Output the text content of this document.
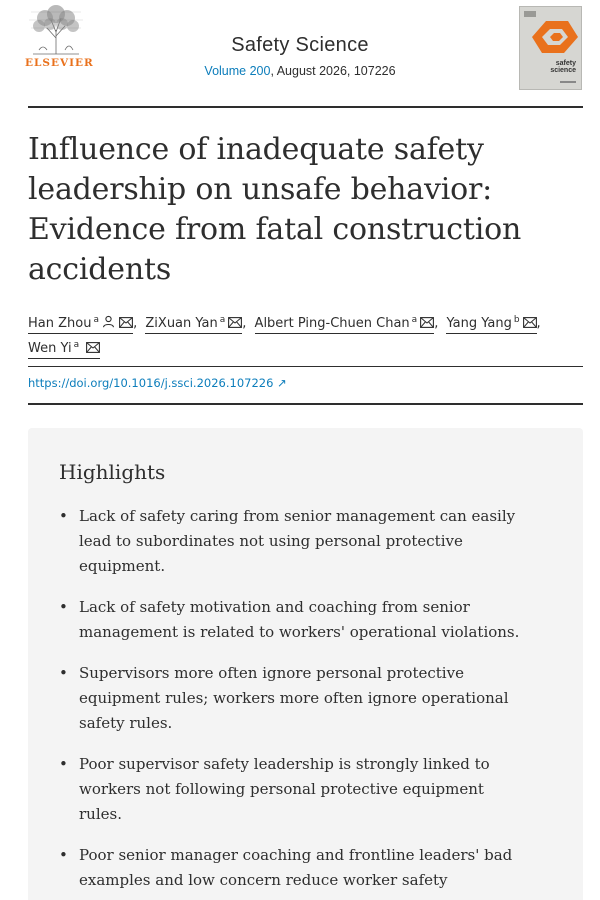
ELSEVIER
Safety Science
Volume 200, August 2026, 107226
safety
science
Influence of inadequate safety leadership on unsafe behavior: Evidence from fatal construction accidents
Han Zhou $^a$	, ZiXuan Yan $^a$ , Albert Ping-Chuen Chan $^a$ , Yang Yang $^b$ ,
Wen Yi $^a$
https://doi.org/10.1016/j.ssci.2026.107226 ↗
Highlights
• Lack of safety caring from senior management can easily lead to subordinates not using personal protective equipment.
• Lack of safety motivation and coaching from senior management is related to workers' operational violations.
• Supervisors more often ignore personal protective equipment rules; workers more often ignore operational safety rules.
• Poor supervisor safety leadership is strongly linked to workers not following personal protective equipment rules.
• Poor senior manager coaching and frontline leaders' bad examples and low concern reduce worker safety
